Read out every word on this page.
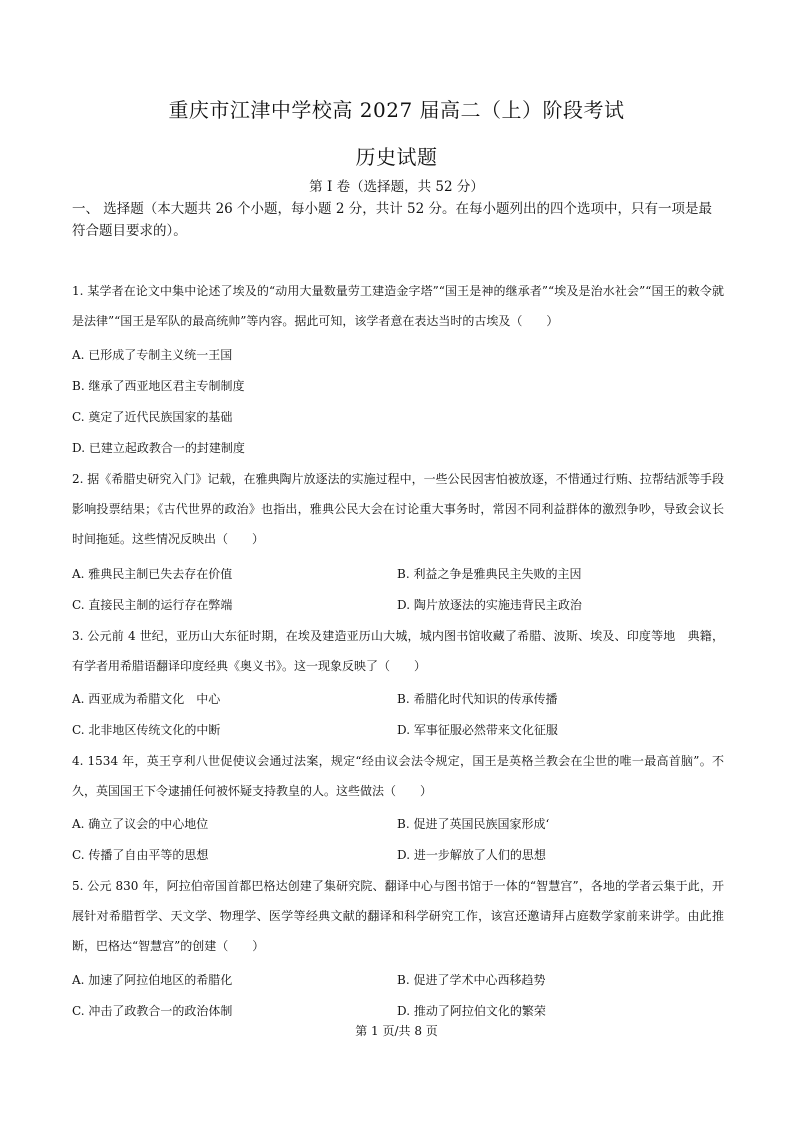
重庆市江津中学校高 2027 届高二（上）阶段考试
历史试题
第 I 卷（选择题，共 52 分）
一、 选择题（本大题共 26 个小题，每小题 2 分，共计 52 分。在每小题列出的四个选项中，只有一项是最符合题目要求的）。
1. 某学者在论文中集中论述了埃及的“动用大量数量劳工建造金字塔”“国王是神的继承者”“埃及是治水社会”“国王的敕令就是法律”“国王是军队的最高统帅”等内容。据此可知，该学者意在表达当时的古埃及（　　）
A. 已形成了专制主义统一王国
B. 继承了西亚地区君主专制制度
C. 奠定了近代民族国家的基础
D. 已建立起政教合一的封建制度
2. 据《希腊史研究入门》记载，在雅典陶片放逐法的实施过程中，一些公民因害怕被放逐，不惜通过行贿、拉帮结派等手段影响投票结果；《古代世界的政治》也指出，雅典公民大会在讨论重大事务时，常因不同利益群体的激烈争吵，导致会议长时间拖延。这些情况反映出（　　）
A. 雅典民主制已失去存在价值	B. 利益之争是雅典民主失败的主因
C. 直接民主制的运行存在弊端	D. 陶片放逐法的实施违背民主政治
3. 公元前 4 世纪，亚历山大东征时期，在埃及建造亚历山大城，城内图书馆收藏了希腊、波斯、埃及、印度等地　典籍，有学者用希腊语翻译印度经典《奥义书》。这一现象反映了（　　）
A. 西亚成为希腊文化　中心	B. 希腊化时代知识的传承传播
C. 北非地区传统文化的中断	D. 军事征服必然带来文化征服
4. 1534 年，英王亨利八世促使议会通过法案，规定“经由议会法令规定，国王是英格兰教会在尘世的唯一最高首脑”。不久，英国国王下令逮捕任何被怀疑支持教皇的人。这些做法（　　）
A. 确立了议会的中心地位	B. 促进了英国民族国家形成‘
C. 传播了自由平等的思想	D. 进一步解放了人们的思想
5. 公元 830 年，阿拉伯帝国首都巴格达创建了集研究院、翻译中心与图书馆于一体的“智慧宫”，各地的学者云集于此，开展针对希腊哲学、天文学、物理学、医学等经典文献的翻译和科学研究工作，该宫还邀请拜占庭数学家前来讲学。由此推断，巴格达“智慧宫”的创建（　　）
A. 加速了阿拉伯地区的希腊化	B. 促进了学术中心西移趋势
C. 冲击了政教合一的政治体制	D. 推动了阿拉伯文化的繁荣
第 1 页/共 8 页
